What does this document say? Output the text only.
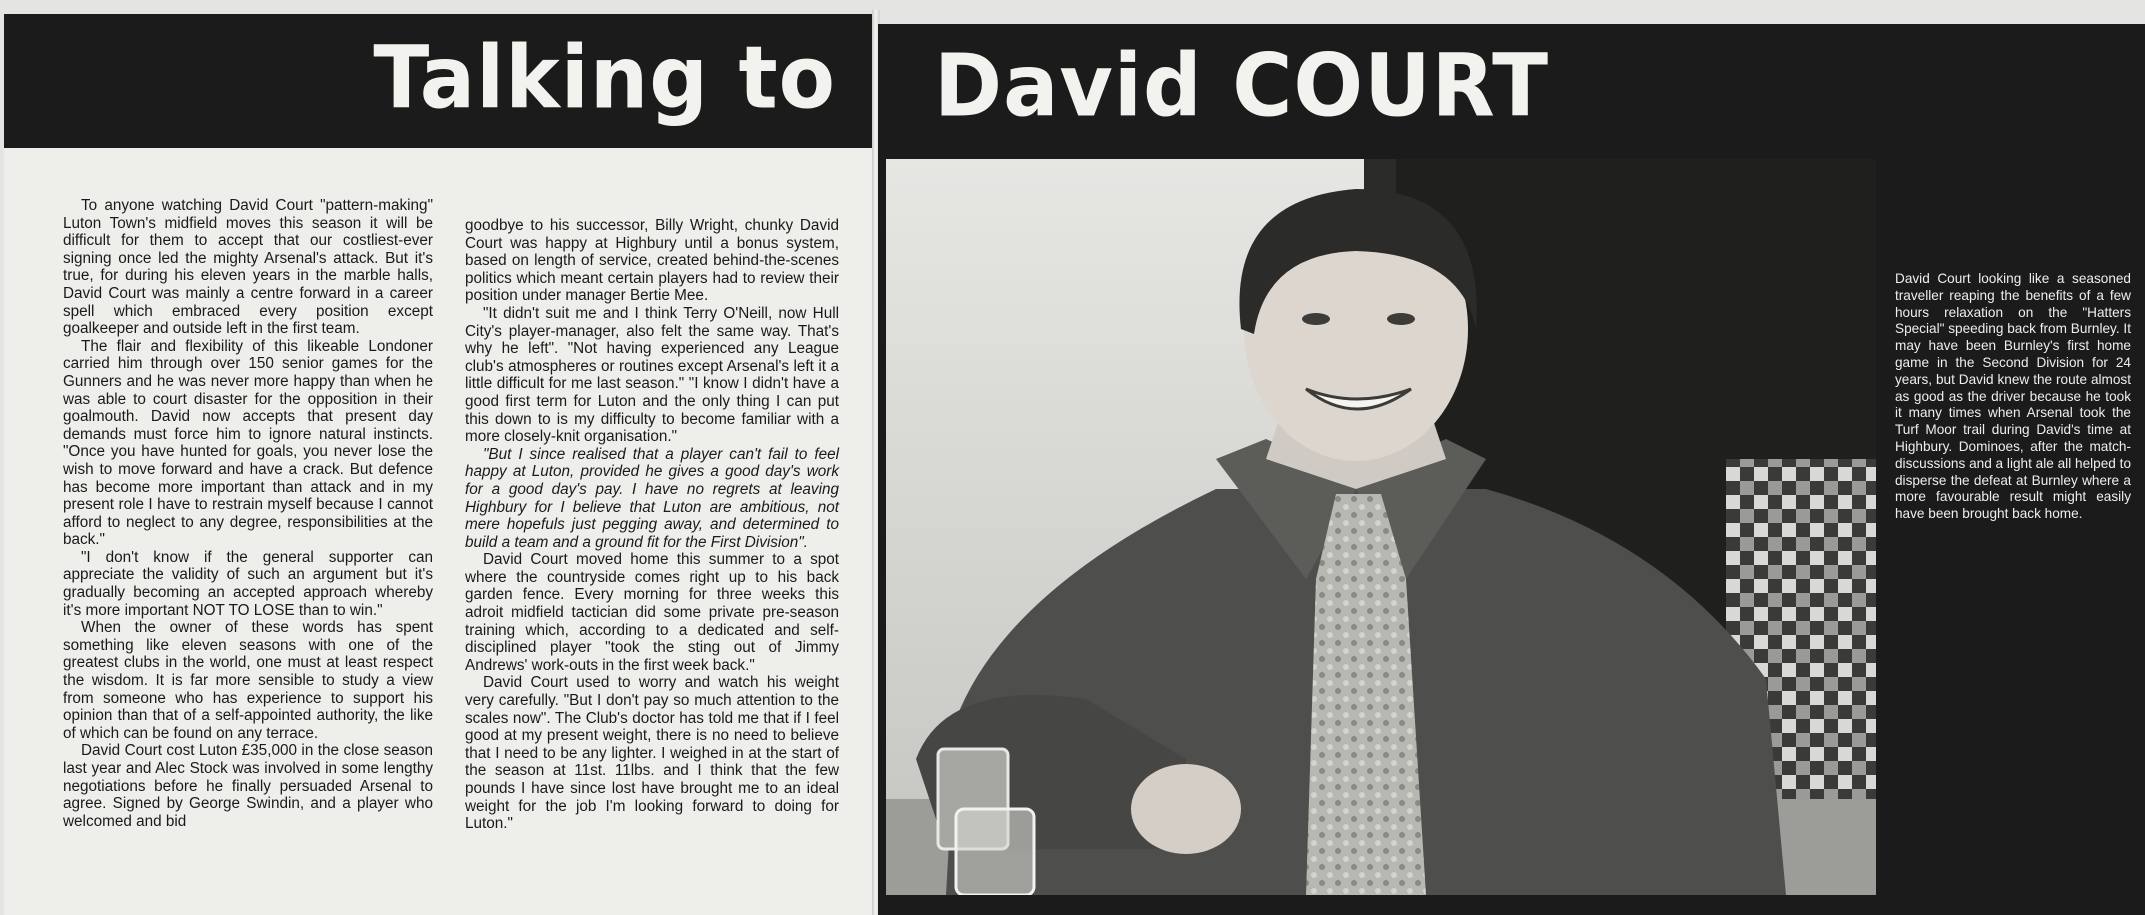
Talking to

To anyone watching David Court "pattern-making" Luton Town's midfield moves this season it will be difficult for them to accept that our costliest-ever signing once led the mighty Arsenal's attack. But it's true, for during his eleven years in the marble halls, David Court was mainly a centre forward in a career spell which embraced every position except goalkeeper and outside left in the first team.

The flair and flexibility of this likeable Londoner carried him through over 150 senior games for the Gunners and he was never more happy than when he was able to court disaster for the opposition in their goalmouth. David now accepts that present day demands must force him to ignore natural instincts. "Once you have hunted for goals, you never lose the wish to move forward and have a crack. But defence has become more important than attack and in my present role I have to restrain myself because I cannot afford to neglect to any degree, responsibilities at the back."

"I don't know if the general supporter can appreciate the validity of such an argument but it's gradually becoming an accepted approach whereby it's more important NOT TO LOSE than to win."

When the owner of these words has spent something like eleven seasons with one of the greatest clubs in the world, one must at least respect the wisdom. It is far more sensible to study a view from someone who has experience to support his opinion than that of a self-appointed authority, the like of which can be found on any terrace.

David Court cost Luton £35,000 in the close season last year and Alec Stock was involved in some lengthy negotiations before he finally persuaded Arsenal to agree. Signed by George Swindin, and a player who welcomed and bid

goodbye to his successor, Billy Wright, chunky David Court was happy at Highbury until a bonus system, based on length of service, created behind-the-scenes politics which meant certain players had to review their position under manager Bertie Mee.

"It didn't suit me and I think Terry O'Neill, now Hull City's player-manager, also felt the same way. That's why he left". "Not having experienced any League club's atmospheres or routines except Arsenal's left it a little difficult for me last season." "I know I didn't have a good first term for Luton and the only thing I can put this down to is my difficulty to become familiar with a more closely-knit organisation."

"But I since realised that a player can't fail to feel happy at Luton, provided he gives a good day's work for a good day's pay. I have no regrets at leaving Highbury for I believe that Luton are ambitious, not mere hopefuls just pegging away, and determined to build a team and a ground fit for the First Division".

David Court moved home this summer to a spot where the countryside comes right up to his back garden fence. Every morning for three weeks this adroit midfield tactician did some private pre-season training which, according to a dedicated and self-disciplined player "took the sting out of Jimmy Andrews' work-outs in the first week back."

David Court used to worry and watch his weight very carefully. "But I don't pay so much attention to the scales now". The Club's doctor has told me that if I feel good at my present weight, there is no need to believe that I need to be any lighter. I weighed in at the start of the season at 11st. 11lbs. and I think that the few pounds I have since lost have brought me to an ideal weight for the job I'm looking forward to doing for Luton."

David COURT
David Court looking like a seasoned traveller reaping the benefits of a few hours relaxation on the "Hatters Special" speeding back from Burnley. It may have been Burnley's first home game in the Second Division for 24 years, but David knew the route almost as good as the driver because he took it many times when Arsenal took the Turf Moor trail during David's time at Highbury. Dominoes, after the match-discussions and a light ale all helped to disperse the defeat at Burnley where a more favourable result might easily have been brought back home.
